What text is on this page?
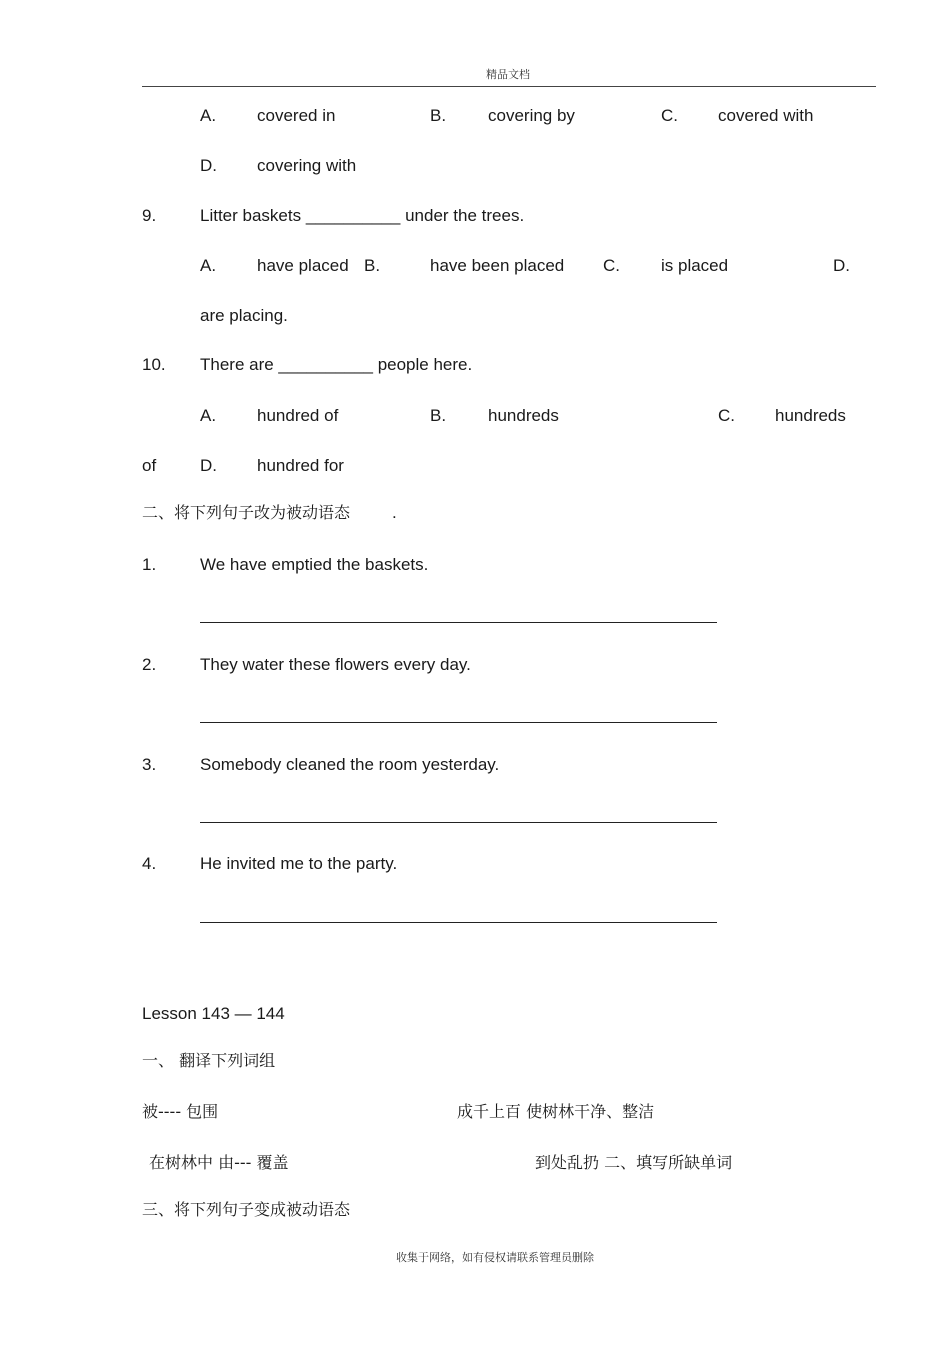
精品文档
A. covered in	B. covering by	C. covered with
D. covering with
9.	Litter baskets __________ under the trees.
A. have placed B.	have been placed C. is placed	D.
are placing.
10. There are __________ people here.
A. hundred of	B. hundreds	C. hundreds
of	D. hundred for
二、将下列句子改为被动语态 .
1.	We have emptied the baskets.
2.	They water these flowers every day.
3.	Somebody cleaned the room yesterday.
4.	He invited me to the party.
Lesson 143 — 144
一、 翻译下列词组
被---- 包围	成千上百 使树林干净、整洁
在树林中 由--- 覆盖	到处乱扔 二、填写所缺单词
三、将下列句子变成被动语态
收集于网络，如有侵权请联系管理员删除
